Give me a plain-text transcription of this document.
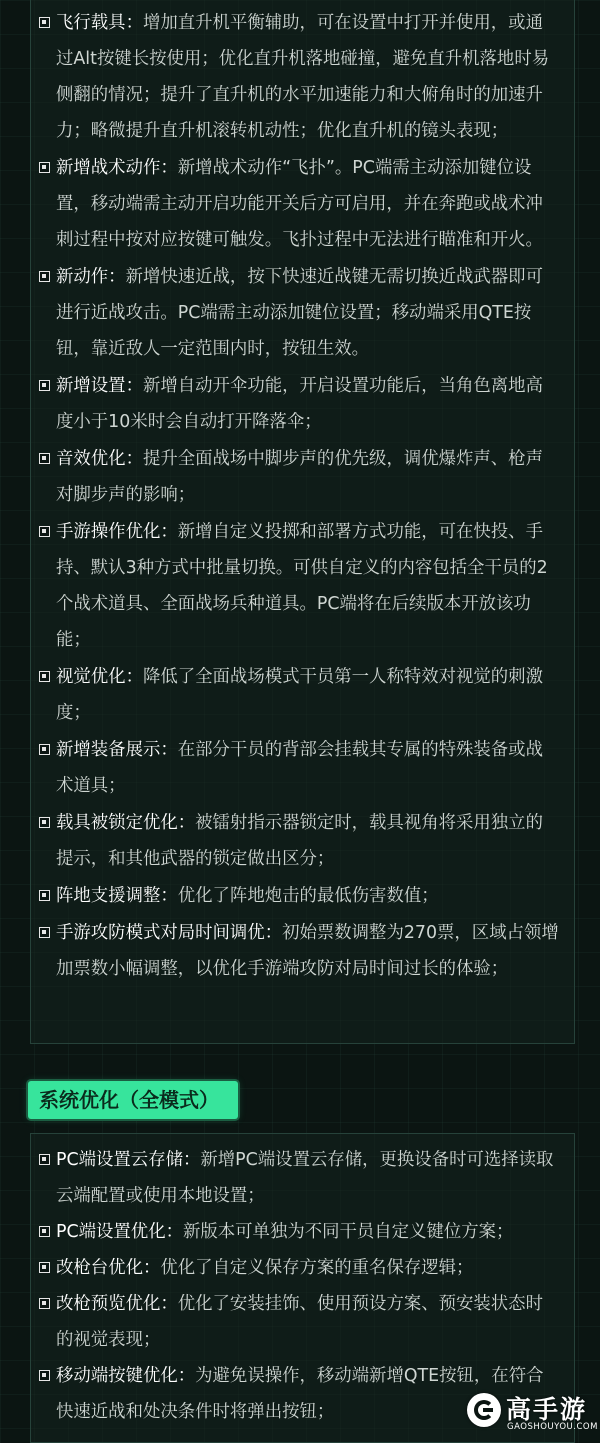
飞行载具：增加直升机平衡辅助，可在设置中打开并使用，或通过Alt按键长按使用；优化直升机落地碰撞，避免直升机落地时易侧翻的情况；提升了直升机的水平加速能力和大俯角时的加速升力；略微提升直升机滚转机动性；优化直升机的镜头表现；
新增战术动作：新增战术动作“飞扑”。PC端需主动添加键位设置，移动端需主动开启功能开关后方可启用，并在奔跑或战术冲刺过程中按对应按键可触发。飞扑过程中无法进行瞄准和开火。
新动作：新增快速近战，按下快速近战键无需切换近战武器即可进行近战攻击。PC端需主动添加键位设置；移动端采用QTE按钮，靠近敌人一定范围内时，按钮生效。
新增设置：新增自动开伞功能，开启设置功能后，当角色离地高度小于10米时会自动打开降落伞；
音效优化：提升全面战场中脚步声的优先级，调优爆炸声、枪声对脚步声的影响；
手游操作优化：新增自定义投掷和部署方式功能，可在快投、手持、默认3种方式中批量切换。可供自定义的内容包括全干员的2个战术道具、全面战场兵种道具。PC端将在后续版本开放该功能；
视觉优化：降低了全面战场模式干员第一人称特效对视觉的刺激度；
新增装备展示：在部分干员的背部会挂载其专属的特殊装备或战术道具；
载具被锁定优化：被镭射指示器锁定时，载具视角将采用独立的提示，和其他武器的锁定做出区分；
阵地支援调整：优化了阵地炮击的最低伤害数值；
手游攻防模式对局时间调优：初始票数调整为270票，区域占领增加票数小幅调整，以优化手游端攻防对局时间过长的体验；
系统优化（全模式）
PC端设置云存储：新增PC端设置云存储，更换设备时可选择读取云端配置或使用本地设置；
PC端设置优化：新版本可单独为不同干员自定义键位方案；
改枪台优化：优化了自定义保存方案的重名保存逻辑；
改枪预览优化：优化了安装挂饰、使用预设方案、预安装状态时的视觉表现；
移动端按键优化：为避免误操作，移动端新增QTE按钮，在符合快速近战和处决条件时将弹出按钮；	高手游
GAOSHOUYOU.COM
